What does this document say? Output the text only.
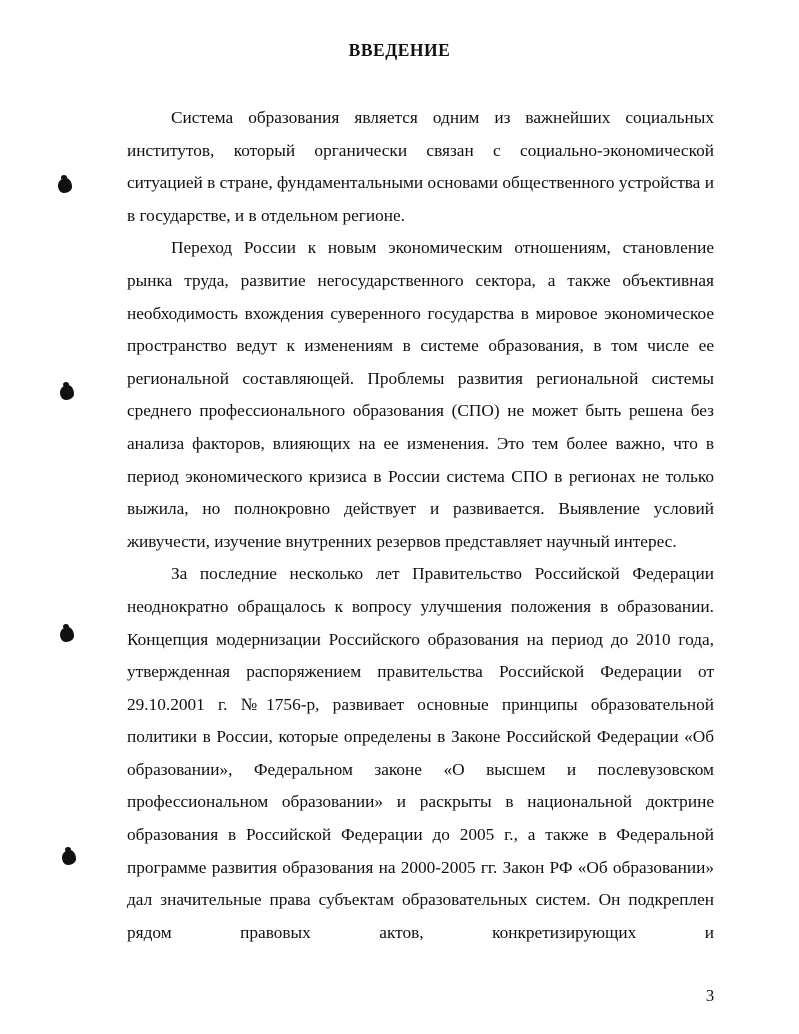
ВВЕДЕНИЕ

Система образования является одним из важнейших социальных институтов, который органически связан с социально-экономической ситуацией в стране, фундаментальными основами общественного устройства и в государстве, и в отдельном регионе.

Переход России к новым экономическим отношениям, становление рынка труда, развитие негосударственного сектора, а также объективная необходимость вхождения суверенного государства в мировое экономическое пространство ведут к изменениям в системе образования, в том числе ее региональной составляющей. Проблемы развития региональной системы среднего профессионального образования (СПО) не может быть решена без анализа факторов, влияющих на ее изменения. Это тем более важно, что в период экономического кризиса в России система СПО в регионах не только выжила, но полнокровно действует и развивается. Выявление условий живучести, изучение внутренних резервов представляет научный интерес.

За последние несколько лет Правительство Российской Федерации неоднократно обращалось к вопросу улучшения положения в образовании. Концепция модернизации Российского образования на период до 2010 года, утвержденная распоряжением правительства Российской Федерации от 29.10.2001 г. №1756-р, развивает основные принципы образовательной политики в России, которые определены в Законе Российской Федерации «Об образовании», Федеральном законе «О высшем и послевузовском профессиональном образовании» и раскрыты в национальной доктрине образования в Российской Федерации до 2005 г., а также в Федеральной программе развития образования на 2000-2005 гг. Закон РФ «Об образовании» дал значительные права субъектам образовательных систем. Он подкреплен рядом правовых актов, конкретизирующих и

3
